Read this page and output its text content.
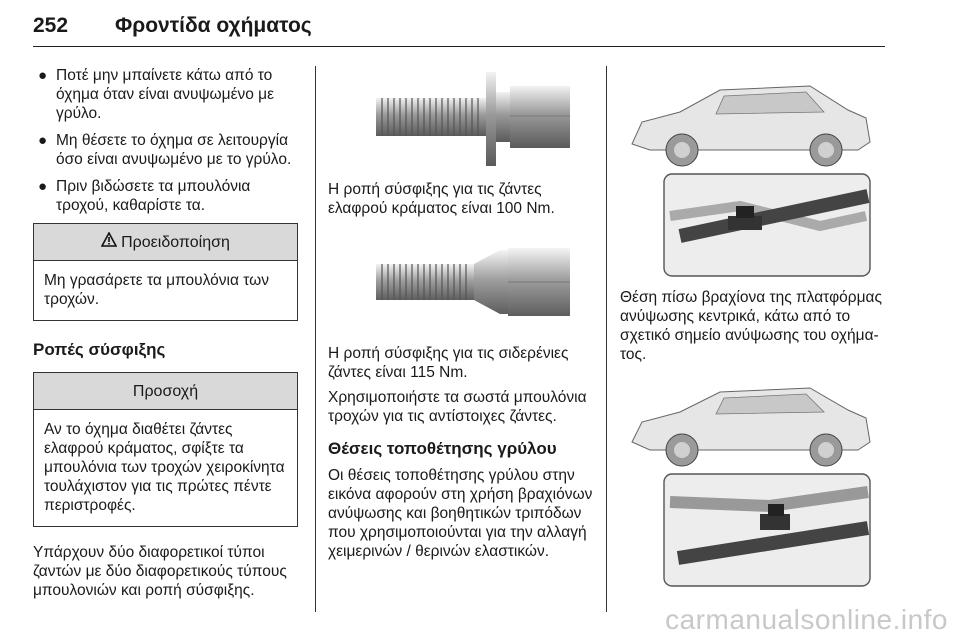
252 Φροντίδα οχήματος
● Ποτέ μην μπαίνετε κάτω από το όχημα όταν είναι ανυψωμένο με γρύλο.
● Μη θέσετε το όχημα σε λειτουργία όσο είναι ανυψωμένο με το γρύλο.
● Πριν βιδώσετε τα μπουλόνια τροχού, καθαρίστε τα.
Προειδοποίηση
Μη γρασάρετε τα μπουλόνια των τροχών.
Ροπές σύσφιξης
Προσοχή
Αν το όχημα διαθέτει ζάντες ελαφρού κράματος, σφίξτε τα μπουλόνια των τροχών χειροκίνητα τουλάχιστον για τις πρώτες πέντε περιστροφές.

Υπάρχουν δύο διαφορετικοί τύποι ζαντών με δύο διαφορετικούς τύπους μπουλονιών και ροπή σύσφιξης.

Η ροπή σύσφιξης για τις ζάντες ελαφρού κράματος είναι 100 Nm.

Η ροπή σύσφιξης για τις σιδερένιες ζάντες είναι 115 Nm.

Χρησιμοποιήστε τα σωστά μπουλόνια τροχών για τις αντίστοιχες ζάντες.

Θέσεις τοποθέτησης γρύλου

Οι θέσεις τοποθέτησης γρύλου στην εικόνα αφορούν στη χρήση βραχιόνων ανύψωσης και βοηθητικών τριπόδων που χρησιμοποιούνται για την αλλαγή χειμερινών / θερινών ελαστικών.

Θέση πίσω βραχίονα της πλατφόρμας ανύψωσης κεντρικά, κάτω από το σχετικό σημείο ανύψωσης του οχήματος.

carmanualsonline.info
